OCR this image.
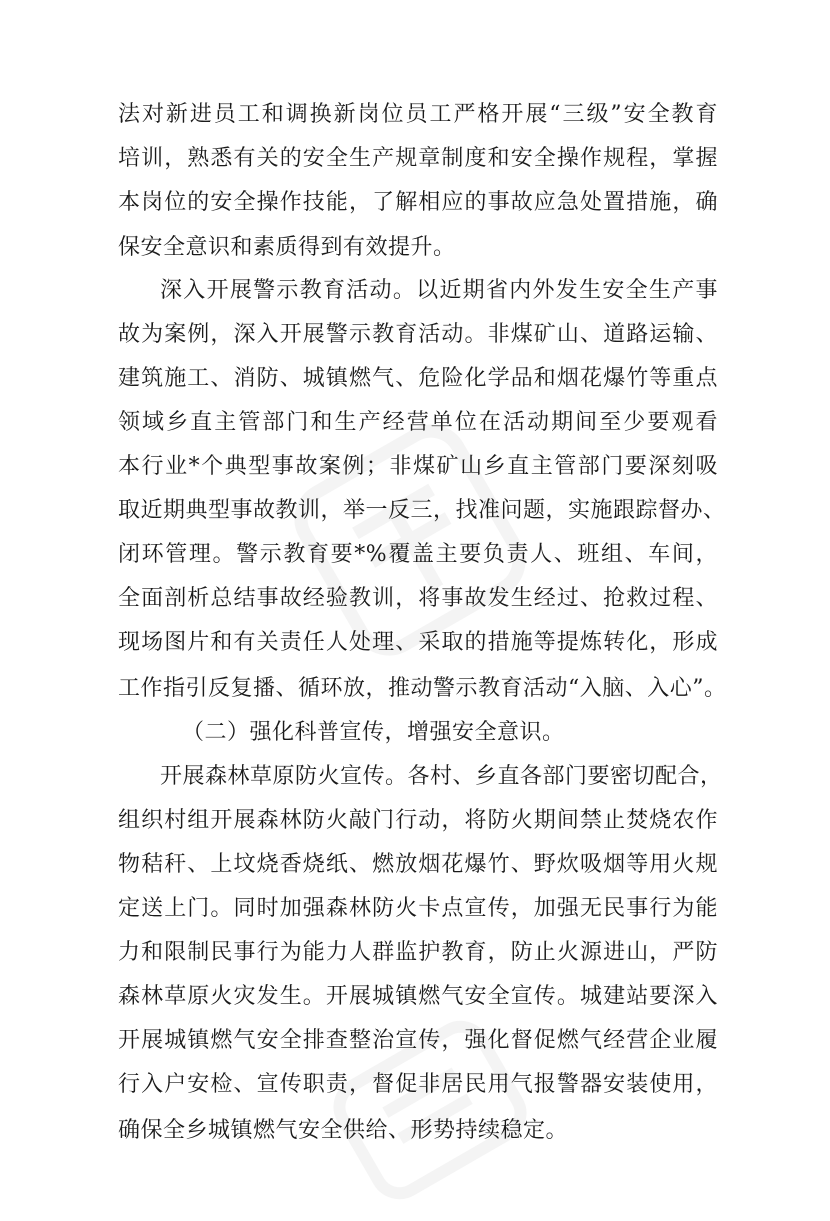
法对新进员工和调换新岗位员工严格开展“三级”安全教育
培训，熟悉有关的安全生产规章制度和安全操作规程，掌握
本岗位的安全操作技能，了解相应的事故应急处置措施，确
保安全意识和素质得到有效提升。
深入开展警示教育活动。以近期省内外发生安全生产事
故为案例，深入开展警示教育活动。非煤矿山、道路运输、
建筑施工、消防、城镇燃气、危险化学品和烟花爆竹等重点
领域乡直主管部门和生产经营单位在活动期间至少要观看
本行业*个典型事故案例；非煤矿山乡直主管部门要深刻吸
取近期典型事故教训，举一反三，找准问题，实施跟踪督办、
闭环管理。警示教育要*%覆盖主要负责人、班组、车间，
全面剖析总结事故经验教训，将事故发生经过、抢救过程、
现场图片和有关责任人处理、采取的措施等提炼转化，形成
工作指引反复播、循环放，推动警示教育活动“入脑、入心”。
（二）强化科普宣传，增强安全意识。
开展森林草原防火宣传。各村、乡直各部门要密切配合，
组织村组开展森林防火敲门行动，将防火期间禁止焚烧农作
物秸秆、上坟烧香烧纸、燃放烟花爆竹、野炊吸烟等用火规
定送上门。同时加强森林防火卡点宣传，加强无民事行为能
力和限制民事行为能力人群监护教育，防止火源进山，严防
森林草原火灾发生。开展城镇燃气安全宣传。城建站要深入
开展城镇燃气安全排查整治宣传，强化督促燃气经营企业履
行入户安检、宣传职责，督促非居民用气报警器安装使用，
确保全乡城镇燃气安全供给、形势持续稳定。
